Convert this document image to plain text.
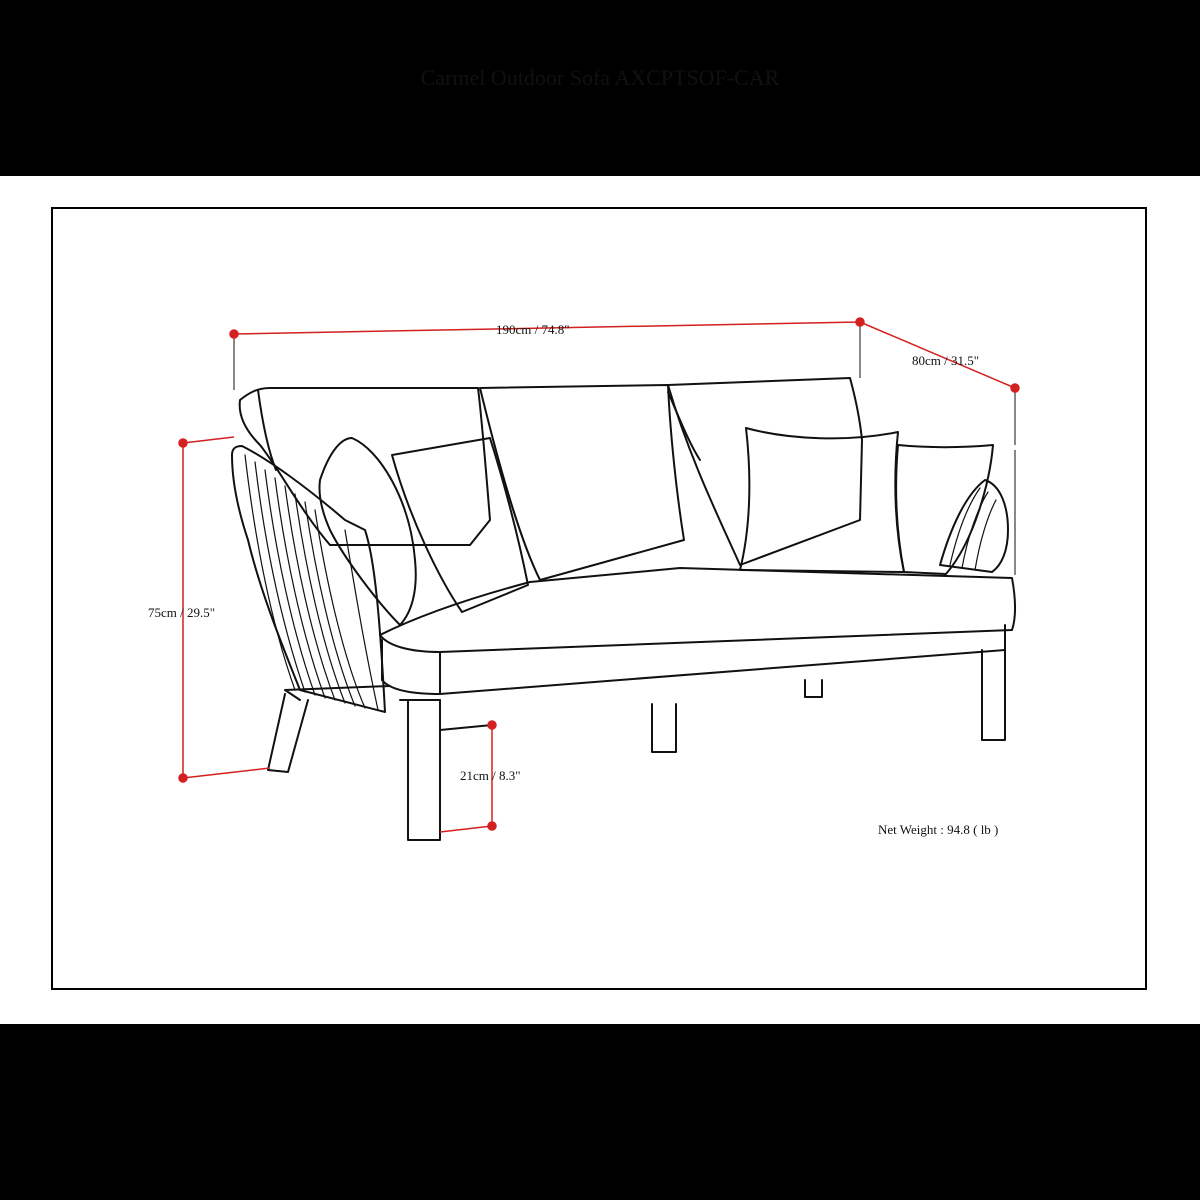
Carmel Outdoor Sofa AXCPTSOF-CAR
190cm / 74.8"
80cm / 31.5"
75cm / 29.5"
21cm / 8.3"
Net Weight : 94.8 ( lb )
